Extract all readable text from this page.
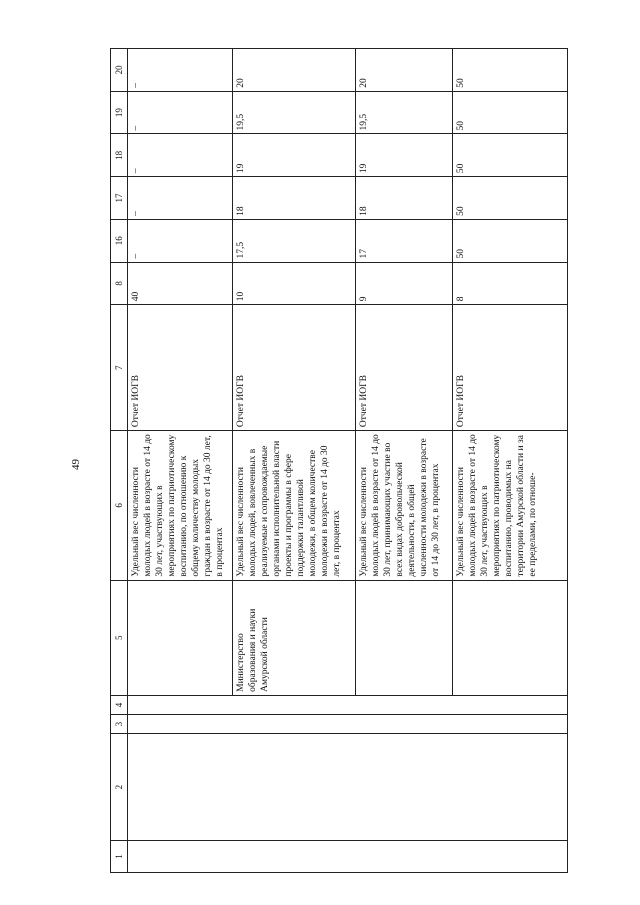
49
1	2	3	4	5	6	7	8	16	17	18	19	20
					Удельный вес численности молодых людей в возрасте от 14 до 30 лет, участвующих в мероприятиях по патриотическому воспитанию, по отношению к общему количеству молодых граждан в возрасте от 14 до 30 лет, в процентах	Отчет ИОГВ	40	–	–	–	–	–
				Министерство образования и науки Амурской области	Удельный вес численности молодых людей, вовлеченных в реализуемые и сопровождаемые органами исполнительной власти проекты и программы в сфере поддержки талантливой молодежи, в общем количестве молодежи в возрасте от 14 до 30 лет, в процентах	Отчет ИОГВ	10	17,5	18	19	19,5	20
					Удельный вес численности молодых людей в возрасте от 14 до 30 лет, принимающих участие во всех видах добровольческой деятельности, в общей численности молодежи в возрасте от 14 до 30 лет, в процентах	Отчет ИОГВ	9	17	18	19	19,5	20
					Удельный вес численности молодых людей в возрасте от 14 до 30 лет, участвующих в мероприятиях по патриотическому воспитанию, проводимых на территории Амурской области и за ее пределами, по отноше-	Отчет ИОГВ	8	50	50	50	50	50
